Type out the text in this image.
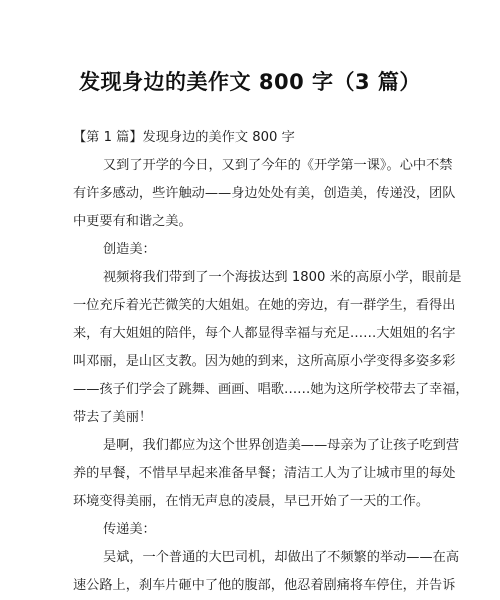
发现身边的美作文 800 字（3 篇）
【第 1 篇】发现身边的美作文 800 字
又到了开学的今日，又到了今年的《开学第一课》。心中不禁
有许多感动，些许触动——身边处处有美，创造美，传递没，团队
中更要有和谐之美。
创造美：
视频将我们带到了一个海拔达到 1800 米的高原小学，眼前是
一位充斥着光芒微笑的大姐姐。在她的旁边，有一群学生，看得出
来，有大姐姐的陪伴，每个人都显得幸福与充足……大姐姐的名字
叫邓丽，是山区支教。因为她的到来，这所高原小学变得多姿多彩
——孩子们学会了跳舞、画画、唱歌……她为这所学校带去了幸福，
带去了美丽！
是啊，我们都应为这个世界创造美——母亲为了让孩子吃到营
养的早餐，不惜早早起来准备早餐；清洁工人为了让城市里的每处
环境变得美丽，在悄无声息的凌晨，早已开始了一天的工作。
传递美：
吴斌，一个普通的大巴司机，却做出了不频繁的举动——在高
速公路上，刹车片砸中了他的腹部，他忍着剧痛将车停住，并告诉
